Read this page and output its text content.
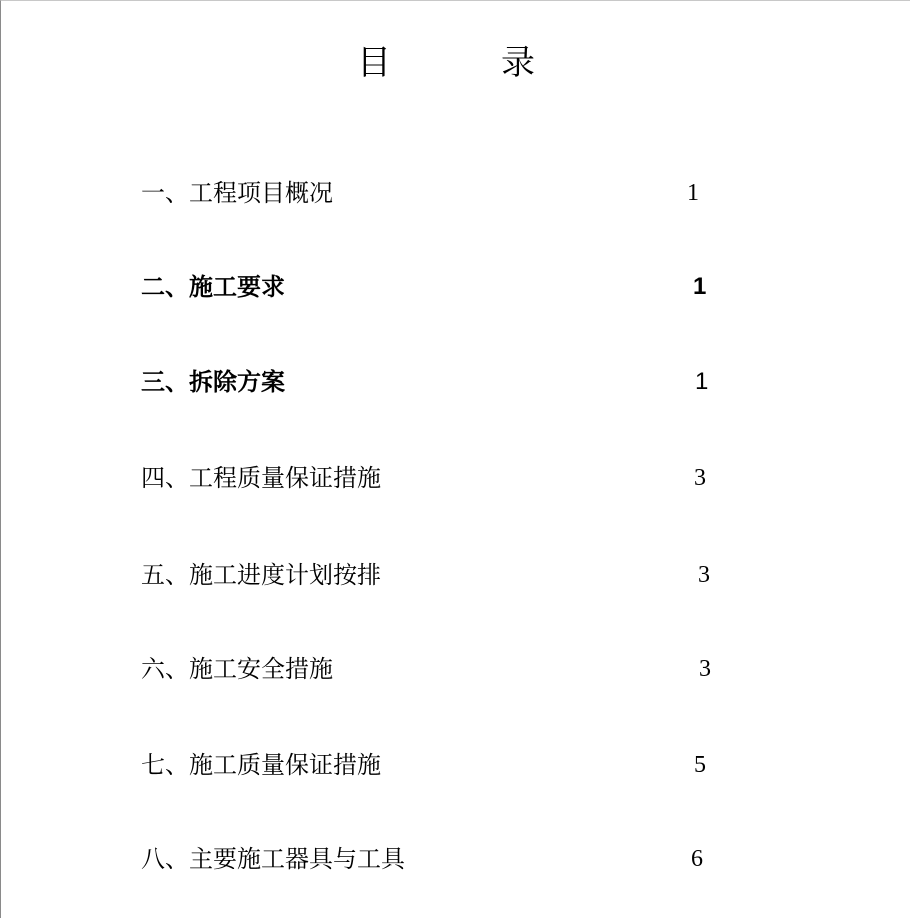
目	录
一、工程项目概况	1
二、施工要求	1
三、拆除方案	1
四、工程质量保证措施	3
五、施工进度计划按排	3
六、施工安全措施	3
七、施工质量保证措施	5
八、主要施工器具与工具	6
